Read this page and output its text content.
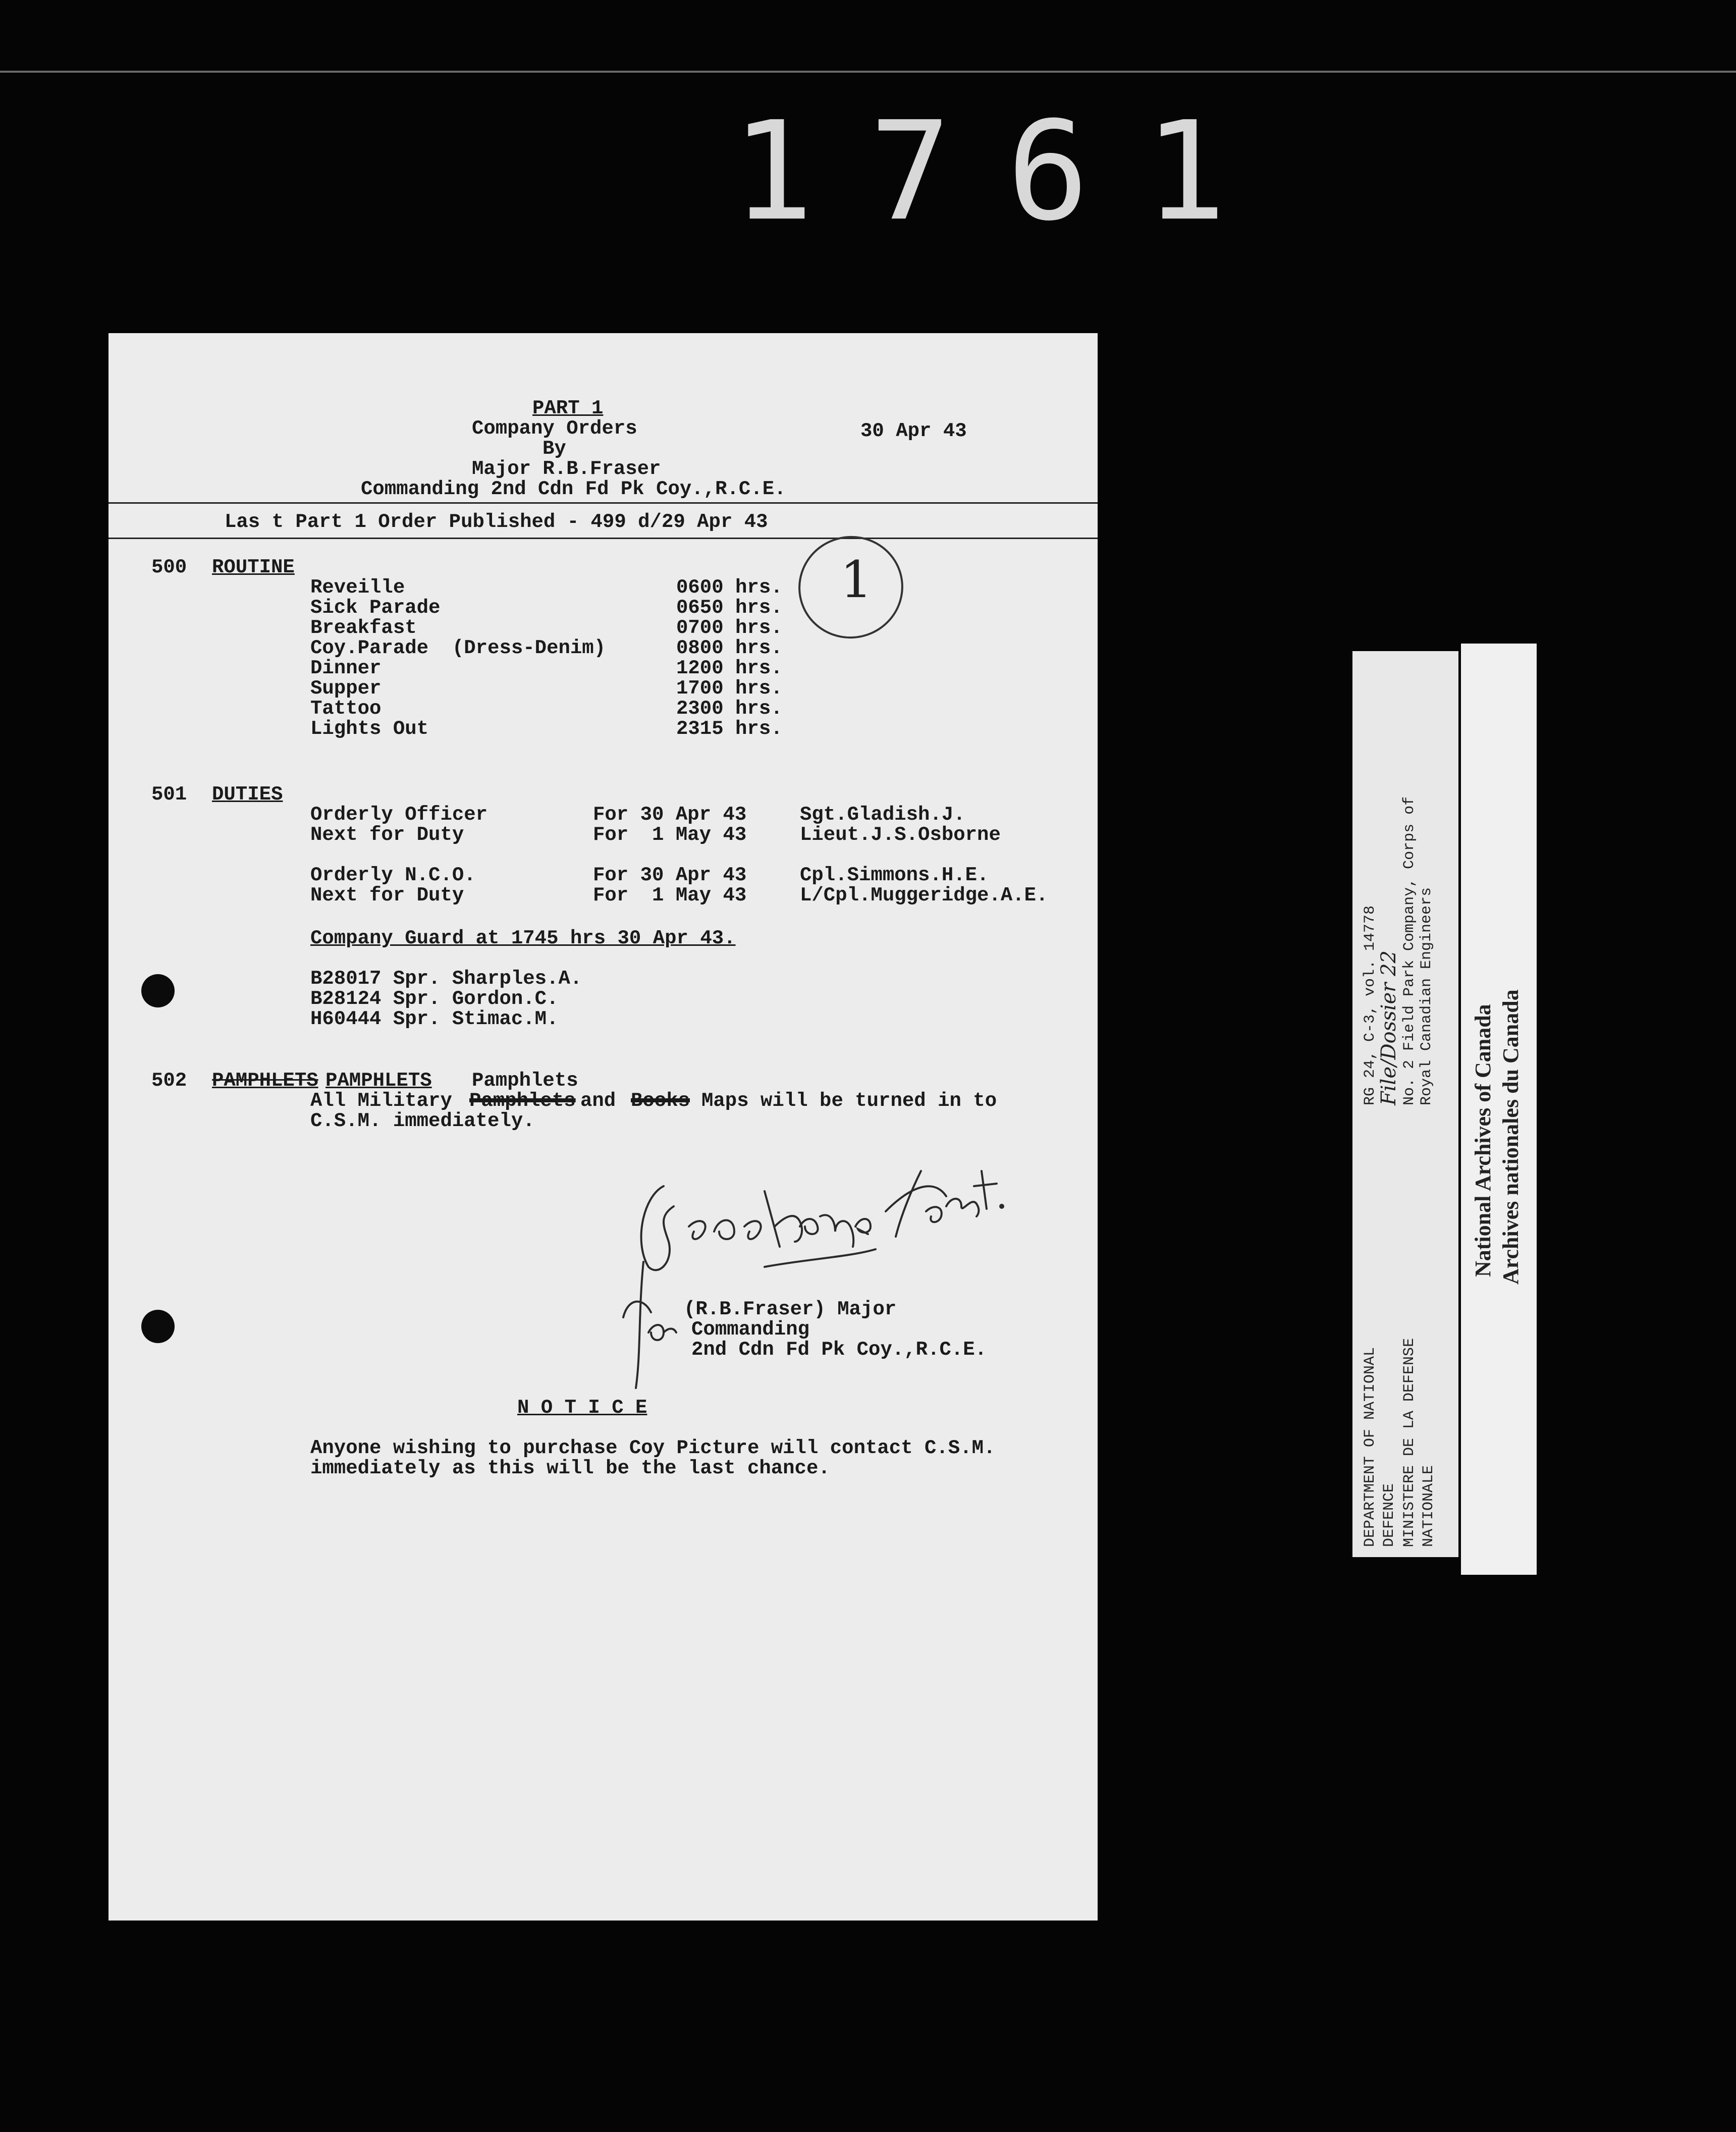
1761
PART 1
Company Orders
By
Major R.B.Fraser
Commanding 2nd Cdn Fd Pk Coy.,R.C.E.
30 Apr 43
Las t Part 1 Order Published - 499 d/29 Apr 43
1
500 ROUTINE
Reveille	0600 hrs.
Sick Parade	0650 hrs.
Breakfast	0700 hrs.
Coy.Parade  (Dress-Denim)	0800 hrs.
Dinner	1200 hrs.
Supper	1700 hrs.
Tattoo	2300 hrs.
Lights Out	2315 hrs.
501 DUTIES
Orderly Officer	For 30 Apr 43	Sgt.Gladish.J.
Next for Duty	For  1 May 43	Lieut.J.S.Osborne
Orderly N.C.O.	For 30 Apr 43	Cpl.Simmons.H.E.
Next for Duty	For  1 May 43	L/Cpl.Muggeridge.A.E.
Company Guard at 1745 hrs 30 Apr 43.
B28017 Spr. Sharples.A.
B28124 Spr. Gordon.C.
H60444 Spr. Stimac.M.
502 PAMPHLETS PAMPHLETS Pamphlets
All Military Pamphlets and Books Maps will be turned in to
C.S.M. immediately.
(R.B.Fraser) Major
Commanding
2nd Cdn Fd Pk Coy.,R.C.E.
N O T I C E
Anyone wishing to purchase Coy Picture will contact C.S.M.
immediately as this will be the last chance.
RG 24, C-3, vol. 14778
File/Dossier 22 No. 2 Field Park Company, Corps of Royal Canadian Engineers
DEPARTMENT OF NATIONAL DEFENCE MINISTERE DE LA DEFENSE NATIONALE
National Archives of Canada Archives nationales du Canada
